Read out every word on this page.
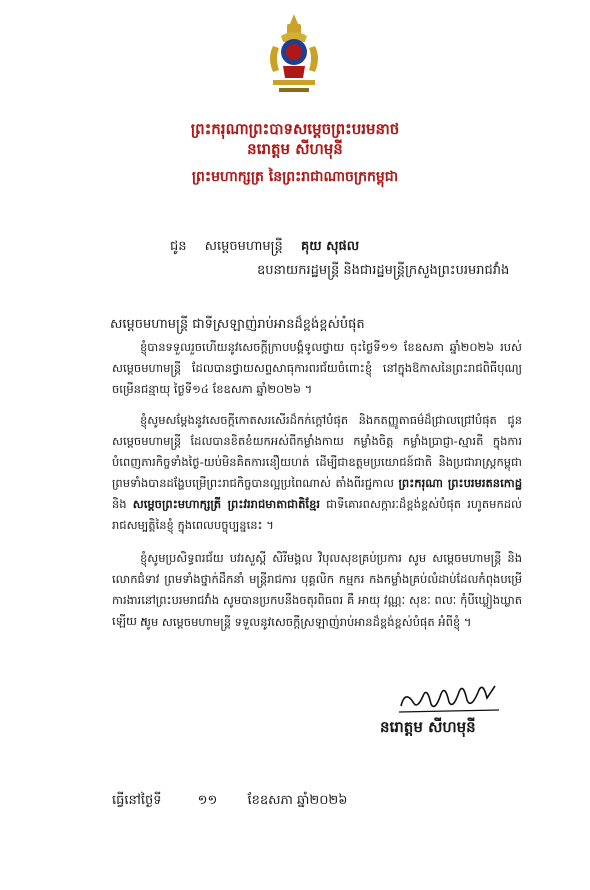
ព្រះករុណាព្រះបាទសម្ដេចព្រះបរមនាថ
នរោត្ដម សីហមុនី
ព្រះមហាក្សត្រ នៃព្រះរាជាណាចក្រកម្ពុជា
ជូន សម្ដេចមហាមន្ត្រី គុយ សុផល
ឧបនាយករដ្ឋមន្ត្រី និងជារដ្ឋមន្ត្រីក្រសួងព្រះបរមរាជវាំង
សម្ដេចមហាមន្ត្រី ជាទីស្រឡាញ់រាប់អានដ៏ខ្ពង់ខ្ពស់បំផុត
ខ្ញុំបានទទួលរួចហើយនូវសេចក្ដីក្រាបបង្គំទូលថ្វាយ ចុះថ្ងៃទី១១ ខែឧសភា ឆ្នាំ២០២៦ របស់ សម្ដេចមហាមន្ត្រី ដែលបានថ្វាយសព្ទសាធុការពរជ័យចំពោះខ្ញុំ នៅក្នុងឱកាសនៃព្រះរាជពិធីបុណ្យចម្រើនជន្មាយុ ថ្ងៃទី១៤ ខែឧសភា ឆ្នាំ២០២៦ ។
ខ្ញុំសូមសម្ដែងនូវសេចក្ដីកោតសរសើរដ៏កក់ក្ដៅបំផុត និងកតញ្ញូតាធម៌ដ៏ជ្រាលជ្រៅបំផុត ជូន សម្ដេចមហាមន្ត្រី ដែលបានខិតខំយកអស់ពីកម្លាំងកាយ កម្លាំងចិត្ត កម្លាំងប្រាជ្ញា-ស្មារតី ក្នុងការបំពេញភារកិច្ចទាំងថ្ងៃ-យប់មិនគិតការនឿយហត់ ដើម្បីជាឧត្ដមប្រយោជន៍ជាតិ និងប្រជារាស្ត្រកម្ពុជា ព្រមទាំងបានដង្ហែបម្រើព្រះរាជកិច្ចបានល្អប្រពៃណាស់ តាំងពីរជ្ជកាល ព្រះករុណា ព្រះបរមរតនកោដ្ឋ និង សម្ដេចព្រះមហាក្សត្រី ព្រះវររាជមាតាជាតិខ្មែរ ជាទីគោរពសក្ការៈដ៏ខ្ពង់ខ្ពស់បំផុត រហូតមកដល់រាជសម្បត្តិនៃខ្ញុំ ក្នុងពេលបច្ចុប្បន្ននេះ ។
ខ្ញុំសូមប្រសិទ្ធពរជ័យ បវរសួស្ដី សិរីមង្គល វិបុលសុខគ្រប់ប្រការ សូម សម្ដេចមហាមន្ត្រី និងលោកជំទាវ ព្រមទាំងថ្នាក់ដឹកនាំ មន្ត្រីរាជការ បុគ្គលិក កម្មករ កងកម្លាំងគ្រប់លំដាប់ដែលកំពុងបម្រើការងារនៅព្រះបរមរាជវាំង សូមបានប្រកបនឹងចតុរពិធពរ គឺ អាយុ វណ្ណៈ សុខៈ ពលៈ កុំបីឃ្លៀងឃ្លាតឡើយ ។
សូម សម្ដេចមហាមន្ត្រី ទទួលនូវសេចក្ដីស្រឡាញ់រាប់អានដ៏ខ្ពង់ខ្ពស់បំផុត អំពីខ្ញុំ ។
នរោត្ដម សីហមុនី
ធ្វើនៅថ្ងៃទី	១១ ខែឧសភា ឆ្នាំ២០២៦
